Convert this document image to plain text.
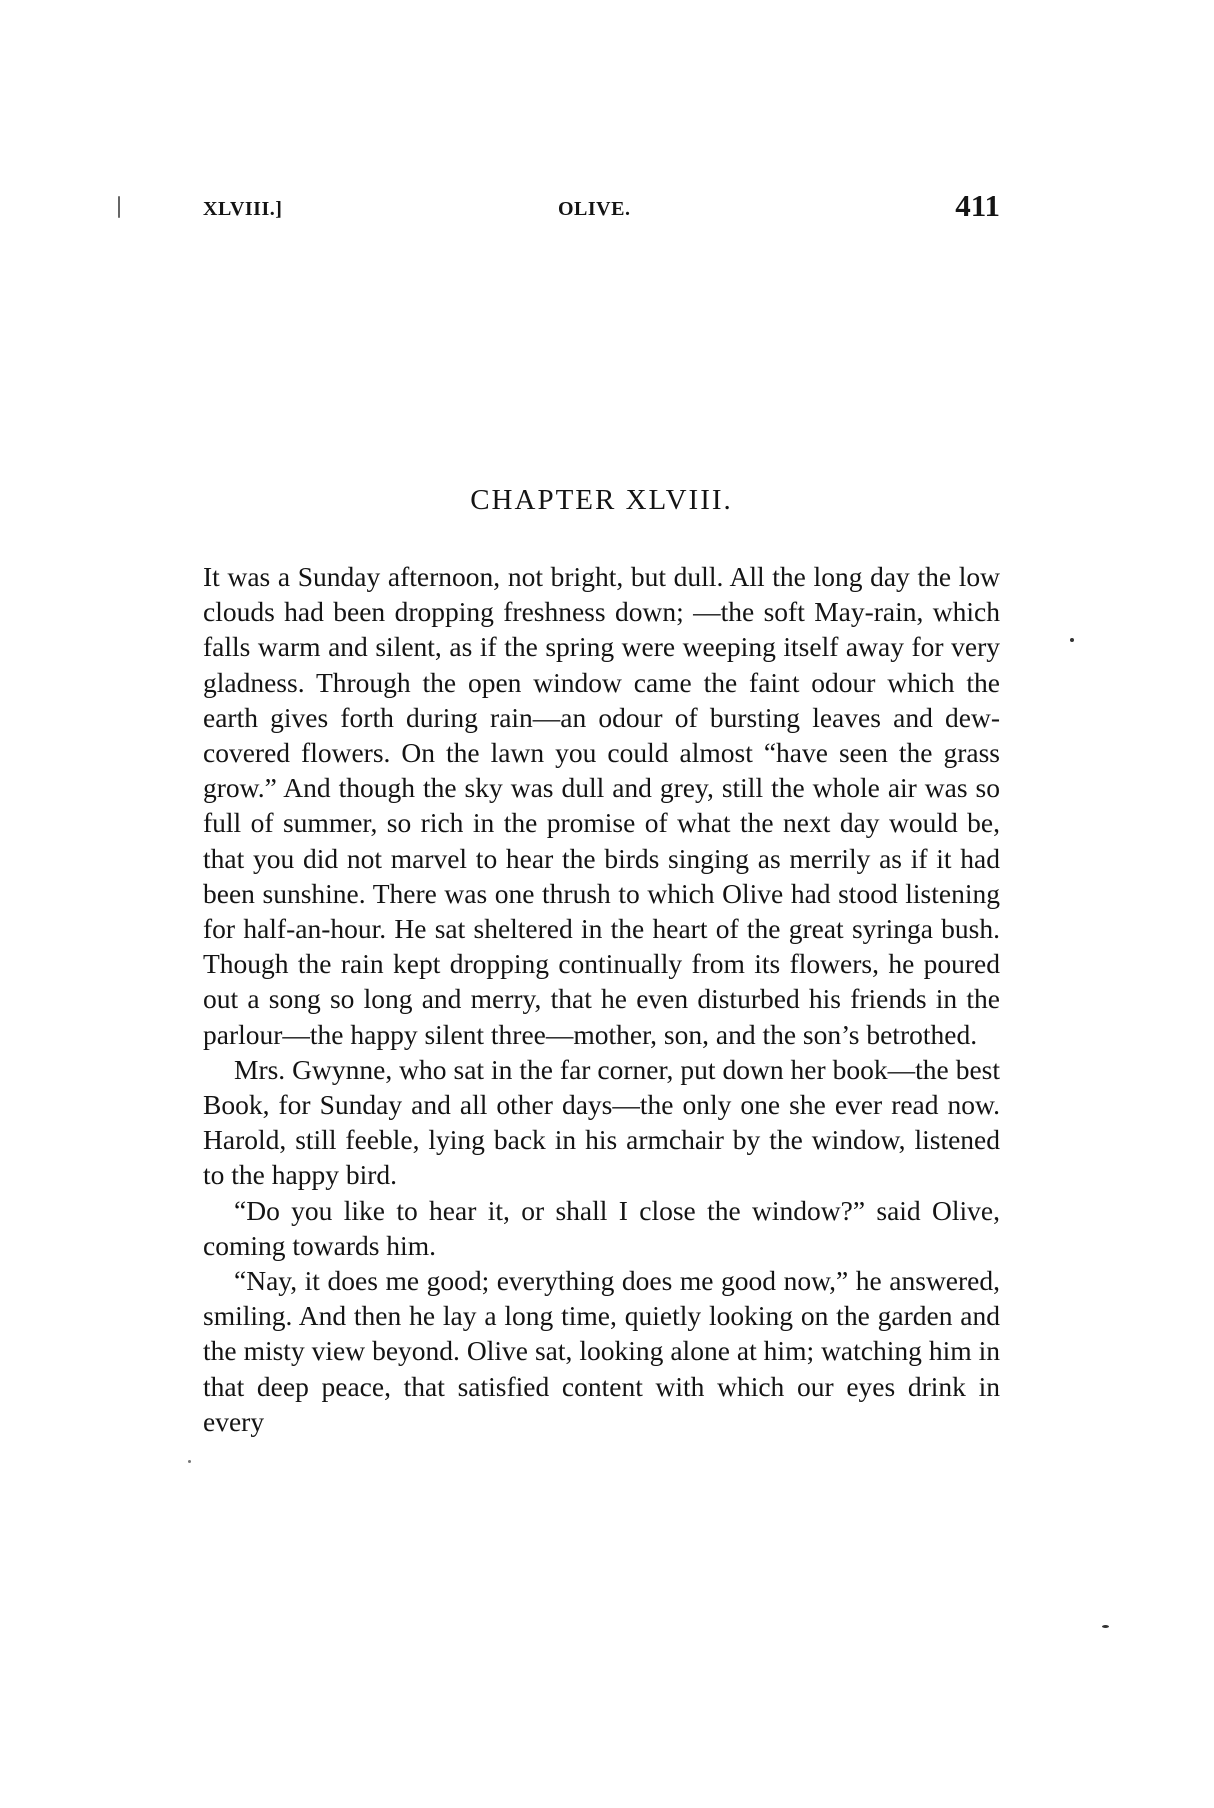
XLVIII.]	OLIVE.	411
CHAPTER XLVIII.

It was a Sunday afternoon, not bright, but dull. All the long day the low clouds had been dropping freshness down; —the soft May-rain, which falls warm and silent, as if the spring were weeping itself away for very gladness. Through the open window came the faint odour which the earth gives forth during rain—an odour of bursting leaves and dew-covered flowers. On the lawn you could almost “have seen the grass grow.” And though the sky was dull and grey, still the whole air was so full of summer, so rich in the promise of what the next day would be, that you did not marvel to hear the birds singing as merrily as if it had been sunshine. There was one thrush to which Olive had stood listening for half-an-hour. He sat sheltered in the heart of the great syringa bush. Though the rain kept dropping continually from its flowers, he poured out a song so long and merry, that he even disturbed his friends in the parlour—the happy silent three—mother, son, and the son’s betrothed.

Mrs. Gwynne, who sat in the far corner, put down her book—the best Book, for Sunday and all other days—the only one she ever read now. Harold, still feeble, lying back in his armchair by the window, listened to the happy bird.

“Do you like to hear it, or shall I close the window?” said Olive, coming towards him.

“Nay, it does me good; everything does me good now,” he answered, smiling. And then he lay a long time, quietly looking on the garden and the misty view beyond. Olive sat, looking alone at him; watching him in that deep peace, that satisfied content with which our eyes drink in every
